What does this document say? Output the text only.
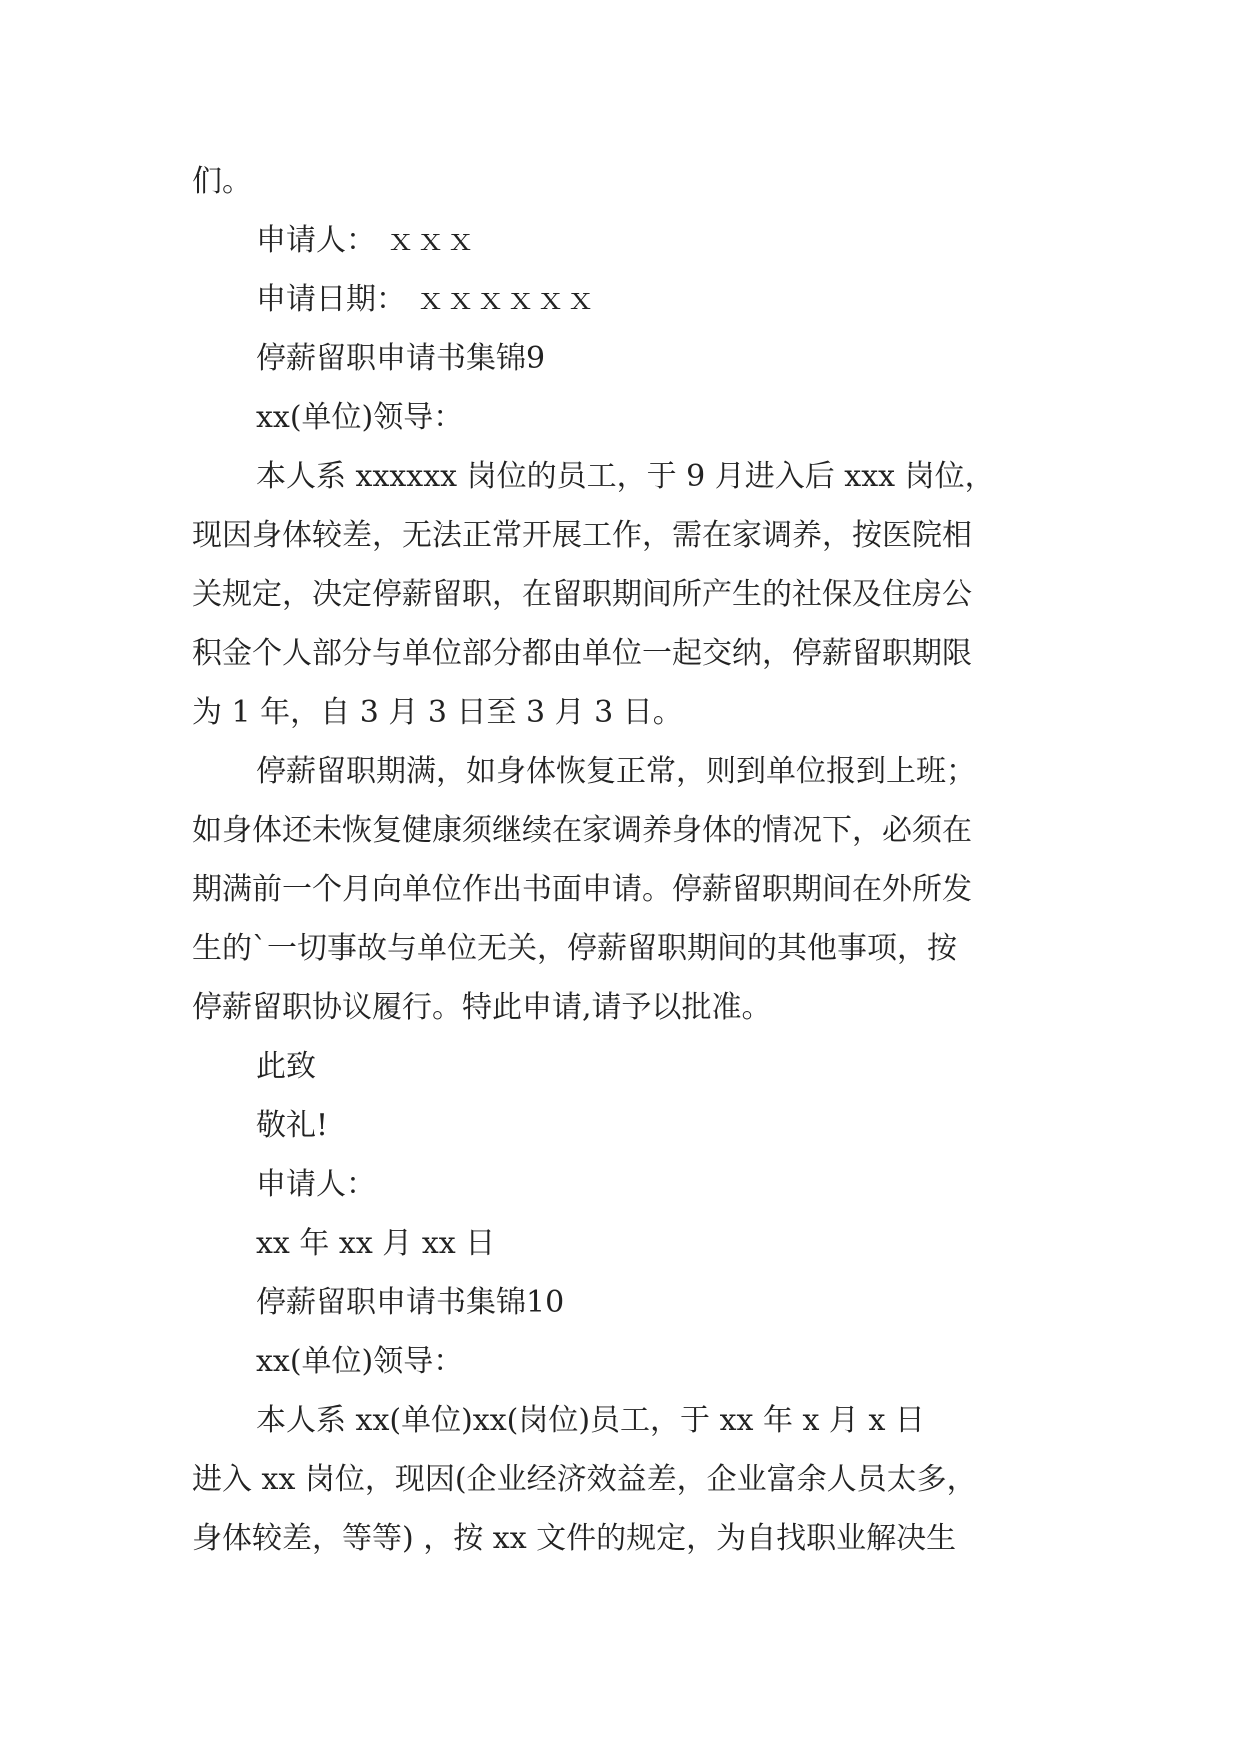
们。
申请人： ｘｘｘ
申请日期： ｘｘｘｘｘｘ
停薪留职申请书集锦9
xx(单位)领导：
本人系 xxxxxx 岗位的员工，于 9 月进入后 xxx 岗位，
现因身体较差，无法正常开展工作，需在家调养，按医院相
关规定，决定停薪留职，在留职期间所产生的社保及住房公
积金个人部分与单位部分都由单位一起交纳，停薪留职期限
为 1 年，自 3 月 3 日至 3 月 3 日。
停薪留职期满，如身体恢复正常，则到单位报到上班；
如身体还未恢复健康须继续在家调养身体的情况下，必须在
期满前一个月向单位作出书面申请。停薪留职期间在外所发
生的`一切事故与单位无关，停薪留职期间的其他事项，按
停薪留职协议履行。特此申请,请予以批准。
此致
敬礼!
申请人：
xx 年 xx 月 xx 日
停薪留职申请书集锦10
xx(单位)领导：
本人系 xx(单位)xx(岗位)员工，于 xx 年 x 月 x 日
进入 xx 岗位，现因(企业经济效益差，企业富余人员太多，
身体较差，等等) ，按 xx 文件的规定，为自找职业解决生
